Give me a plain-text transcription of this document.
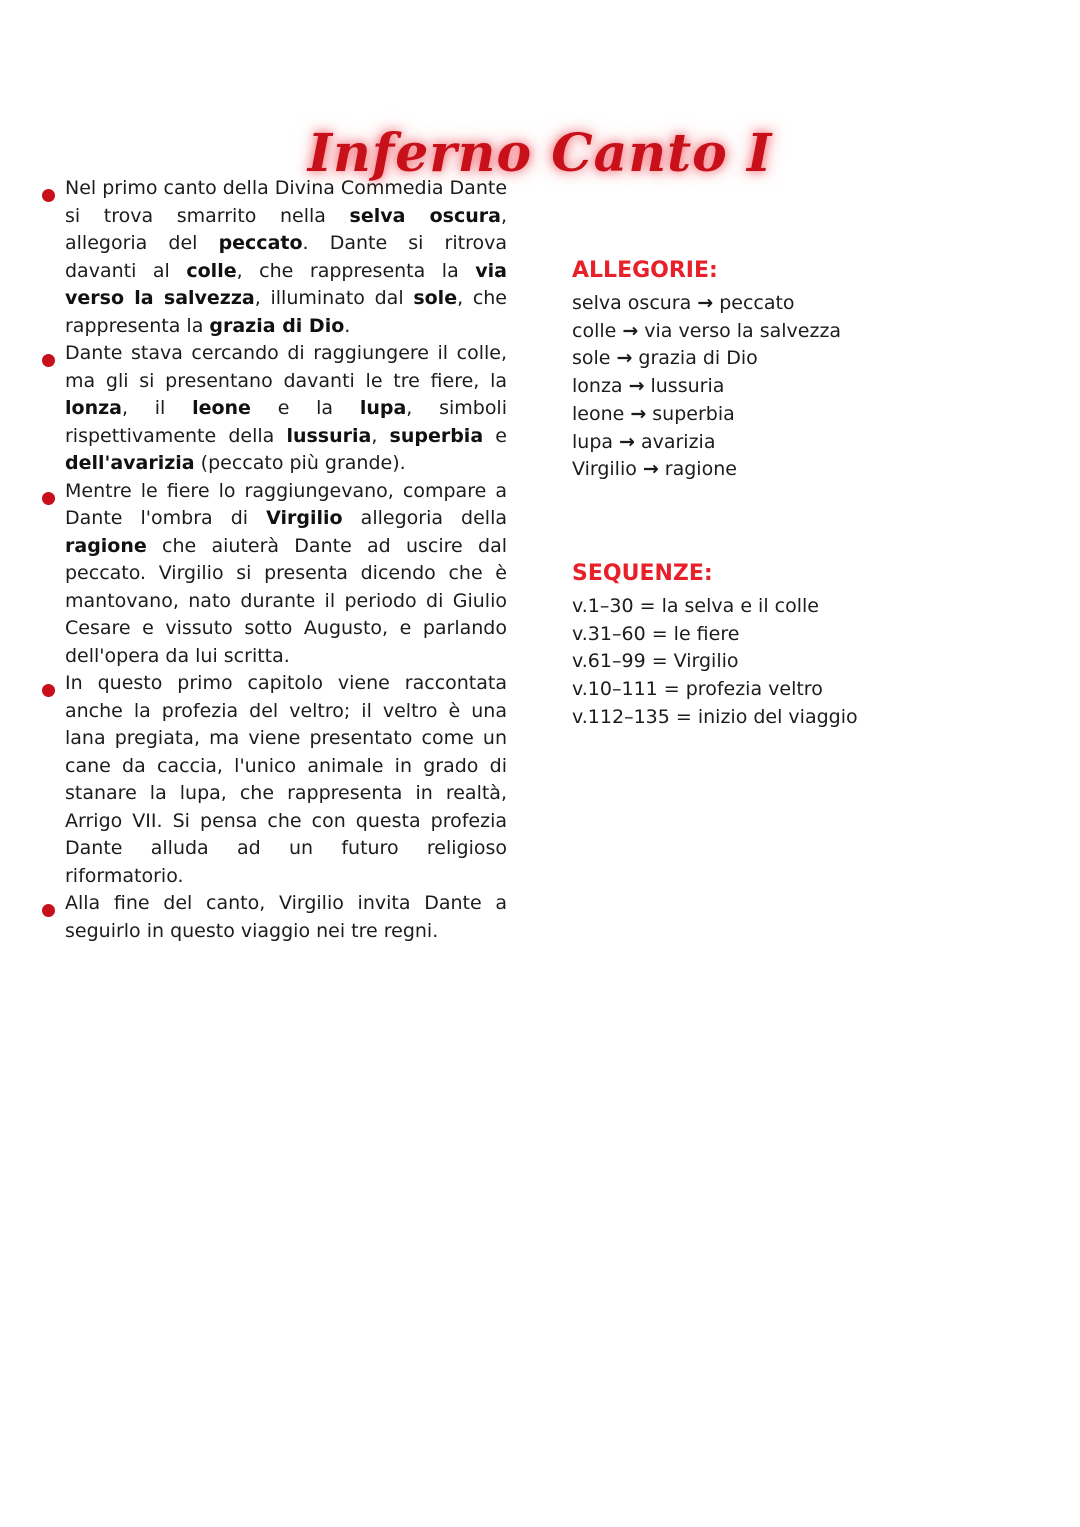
Inferno Canto I

Nel primo canto della Divina Commedia Dante si trova smarrito nella selva oscura, allegoria del peccato. Dante si ritrova davanti al colle, che rappresenta la via verso la salvezza, illuminato dal sole, che rappresenta la grazia di Dio.

Dante stava cercando di raggiungere il colle, ma gli si presentano davanti le tre fiere, la lonza, il leone e la lupa, simboli rispettivamente della lussuria, superbia e dell'avarizia (peccato più grande).

Mentre le fiere lo raggiungevano, compare a Dante l'ombra di Virgilio allegoria della ragione che aiuterà Dante ad uscire dal peccato. Virgilio si presenta dicendo che è mantovano, nato durante il periodo di Giulio Cesare e vissuto sotto Augusto, e parlando dell'opera da lui scritta.

In questo primo capitolo viene raccontata anche la profezia del veltro; il veltro è una lana pregiata, ma viene presentato come un cane da caccia, l'unico animale in grado di stanare la lupa, che rappresenta in realtà, Arrigo VII. Si pensa che con questa profezia Dante alluda ad un futuro religioso riformatorio.

Alla fine del canto, Virgilio invita Dante a seguirlo in questo viaggio nei tre regni.

ALLEGORIE:
selva oscura → peccato
colle → via verso la salvezza
sole → grazia di Dio
lonza → lussuria
leone → superbia
lupa → avarizia
Virgilio → ragione
SEQUENZE:
v.1–30 = la selva e il colle
v.31–60 = le fiere
v.61–99 = Virgilio
v.10–111 = profezia veltro
v.112–135 = inizio del viaggio
